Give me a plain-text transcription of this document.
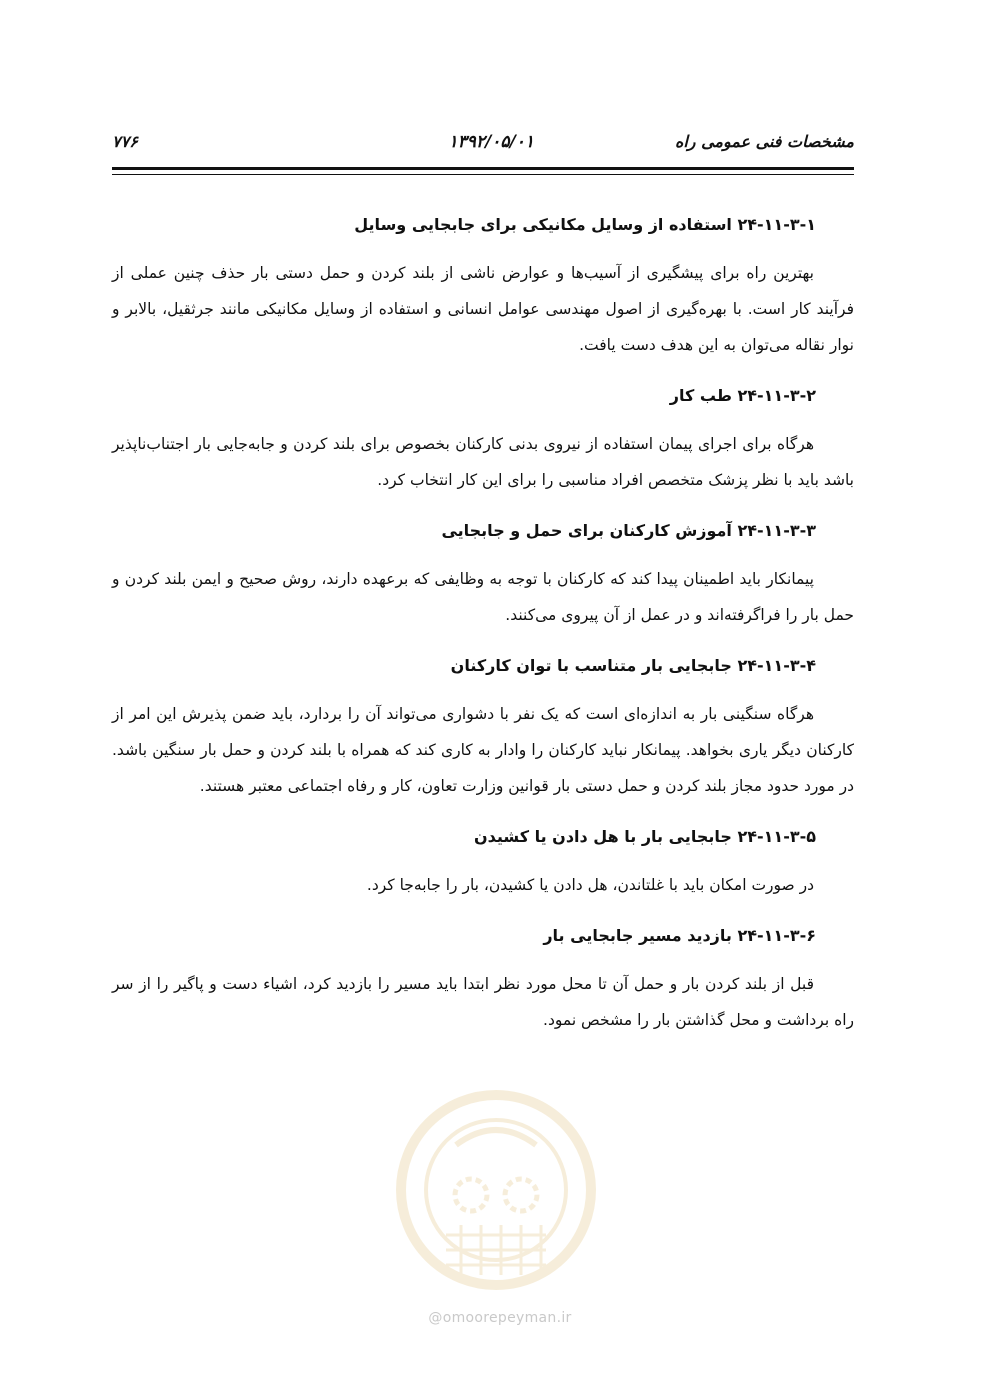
مشخصات فنی عمومی راه
۱۳۹۲/۰۵/۰۱
۷۷۶

۲۴-۱۱-۳-۱ استفاده از وسایل مکانیکی برای جابجایی وسایل

بهترین راه برای پیشگیری از آسیب‌ها و عوارض ناشی از بلند کردن و حمل دستی بار حذف چنین عملی از فرآیند کار است. با بهره‌گیری از اصول مهندسی عوامل انسانی و استفاده از وسایل مکانیکی مانند جرثقیل، بالابر و نوار نقاله می‌توان به این هدف دست یافت.

۲۴-۱۱-۳-۲ طب کار

هرگاه برای اجرای پیمان استفاده از نیروی بدنی کارکنان بخصوص برای بلند کردن و جابه‌جایی بار اجتناب‌ناپذیر باشد باید با نظر پزشک متخصص افراد مناسبی را برای این کار انتخاب کرد.

۲۴-۱۱-۳-۳ آموزش کارکنان برای حمل و جابجایی

پیمانکار باید اطمینان پیدا کند که کارکنان با توجه به وظایفی که برعهده دارند، روش صحیح و ایمن بلند کردن و حمل بار را فراگرفته‌اند و در عمل از آن پیروی می‌کنند.

۲۴-۱۱-۳-۴ جابجایی بار متناسب با توان کارکنان

هرگاه سنگینی بار به اندازه‌ای است که یک نفر با دشواری می‌تواند آن را بردارد، باید ضمن پذیرش این امر از کارکنان دیگر یاری بخواهد. پیمانکار نباید کارکنان را وادار به کاری کند که همراه با بلند کردن و حمل بار سنگین باشد. در مورد حدود مجاز بلند کردن و حمل دستی بار قوانین وزارت تعاون، کار و رفاه اجتماعی معتبر هستند.

۲۴-۱۱-۳-۵ جابجایی بار با هل دادن یا کشیدن

در صورت امکان باید با غلتاندن، هل دادن یا کشیدن، بار را جابه‌جا کرد.

۲۴-۱۱-۳-۶ بازدید مسیر جابجایی بار

قبل از بلند کردن بار و حمل آن تا محل مورد نظر ابتدا باید مسیر را بازدید کرد، اشیاء دست و پاگیر را از سر راه برداشت و محل گذاشتن بار را مشخص نمود.

@omoorepeyman.ir
